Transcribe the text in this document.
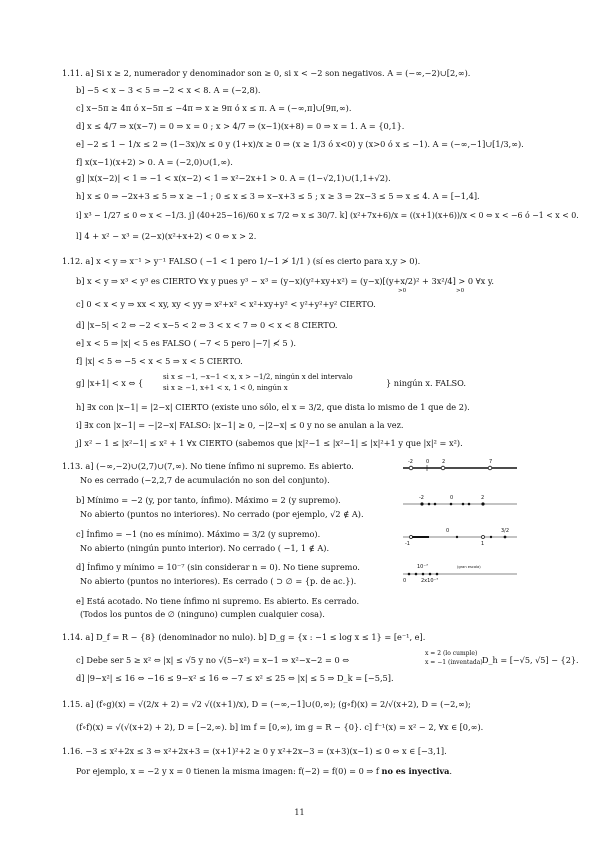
1.11. a] Si x ≥ 2, numerador y denominador son ≥ 0, si x < −2 son negativos. A = (−∞,−2)∪[2,∞).
b] −5 < x − 3 < 5 ⇒ −2 < x < 8. A = (−2,8).
c] x−5π ≥ 4π ó x−5π ≤ −4π ⇒ x ≥ 9π ó x ≤ π. A = (−∞,π]∪[9π,∞).
d] x ≤ 4/7 ⇒ x(x−7) = 0 ⇒ x = 0 ; x > 4/7 ⇒ (x−1)(x+8) = 0 ⇒ x = 1. A = {0,1}.
e] −2 ≤ 1 − 1/x ≤ 2 ⇒ (1−3x)/x ≤ 0 y (1+x)/x ≥ 0 ⇒ (x ≥ 1/3 ó x<0) y (x>0 ó x ≤ −1). A = (−∞,−1]∪[1/3,∞).
f] x(x−1)(x+2) > 0. A = (−2,0)∪(1,∞).
g] |x(x−2)| < 1 ⇒ −1 < x(x−2) < 1 ⇒ x²−2x+1 > 0. A = (1−√2,1)∪(1,1+√2).
h] x ≤ 0 ⇒ −2x+3 ≤ 5 ⇒ x ≥ −1 ; 0 ≤ x ≤ 3 ⇒ x−x+3 ≤ 5 ; x ≥ 3 ⇒ 2x−3 ≤ 5 ⇒ x ≤ 4. A = [−1,4].
i] x³ − 1/27 ≤ 0 ⇔ x < −1/3. j] (40+25−16)/60 x ≤ 7/2 ⇔ x ≤ 30/7. k] (x²+7x+6)/x = ((x+1)(x+6))/x < 0 ⇔ x < −6 ó −1 < x < 0.
l] 4 + x² − x³ = (2−x)(x²+x+2) < 0 ⇔ x > 2.
1.12. a] x < y ⇒ x⁻¹ > y⁻¹ FALSO ( −1 < 1 pero 1/−1 ≯ 1/1 ) (sí es cierto para x,y > 0).
b] x < y ⇒ x³ < y³ es CIERTO ∀x y pues y³ − x³ = (y−x)(y²+xy+x²) = (y−x)[(y+x/2)² + 3x²/4] > 0 ∀x y.
>0	>0
c] 0 < x < y ⇒ xx < xy, xy < yy ⇒ x²+x² < x²+xy+y² < y²+y²+y² CIERTO.
d] |x−5| < 2 ⇔ −2 < x−5 < 2 ⇔ 3 < x < 7 ⇒ 0 < x < 8 CIERTO.
e] x < 5 ⇒ |x| < 5 es FALSO ( −7 < 5 pero |−7| ≮ 5 ).
f] |x| < 5 ⇔ −5 < x < 5 ⇒ x < 5 CIERTO.
g] |x+1| < x ⇔ {
si x ≤ −1, −x−1 < x, x > −1/2, ningún x del intervalo
si x ≥ −1, x+1 < x, 1 < 0, ningún x	} ningún x. FALSO.
h] ∃x con |x−1| = |2−x| CIERTO (existe uno sólo, el x = 3/2, que dista lo mismo de 1 que de 2).
i] ∃x con |x−1| = −|2−x| FALSO: |x−1| ≥ 0, −|2−x| ≤ 0 y no se anulan a la vez.
j] x² − 1 ≤ |x²−1| ≤ x² + 1 ∀x CIERTO (sabemos que |x|²−1 ≤ |x²−1| ≤ |x|²+1 y que |x|² = x²).
1.13. a] (−∞,−2)∪(2,7)∪(7,∞). No tiene ínfimo ni supremo. Es abierto.
No es cerrado (−2,2,7 de acumulación no son del conjunto).
b] Mínimo = −2 (y, por tanto, ínfimo). Máximo = 2 (y supremo).
No abierto (puntos no interiores). No cerrado (por ejemplo, √2 ∉ A).
c] Ínfimo = −1 (no es mínimo). Máximo = 3/2 (y supremo).
No abierto (ningún punto interior). No cerrado ( −1, 1 ∉ A).
d] Ínfimo y mínimo = 10⁻⁷ (sin considerar n = 0). No tiene supremo.
No abierto (puntos no interiores). Es cerrado ( ⊃ ∅ = {p. de ac.}).
e] Está acotado. No tiene ínfimo ni supremo. Es abierto. Es cerrado.
(Todos los puntos de ∅ (ninguno) cumplen cualquier cosa).
-2	0	2	7
-2	0	2
0	3/2
-1	1
10⁻⁷	(gran escala)
0	2x10⁻⁷
1.14. a] D_f = R − {8} (denominador no nulo). b] D_g = {x : −1 ≤ log x ≤ 1} = [e⁻¹, e].
c] Debe ser 5 ≥ x² ⇔ |x| ≤ √5 y no √(5−x²) = x−1 ⇒ x²−x−2 = 0 ⇔
x = 2 (lo cumple)
x = −1 (inventada) D_h = [−√5, √5] − {2}.
d] |9−x²| ≤ 16 ⇔ −16 ≤ 9−x² ≤ 16 ⇔ −7 ≤ x² ≤ 25 ⇔ |x| ≤ 5 ⇒ D_k = [−5,5].
1.15. a] (f∘g)(x) = √(2/x + 2) = √2 √((x+1)/x), D = (−∞,−1]∪(0,∞); (g∘f)(x) = 2/√(x+2), D = (−2,∞);
(f∘f)(x) = √(√(x+2) + 2), D = [−2,∞). b] im f = [0,∞), im g = R − {0}. c] f⁻¹(x) = x² − 2, ∀x ∈ [0,∞).
1.16. −3 ≤ x²+2x ≤ 3 ⇔ x²+2x+3 = (x+1)²+2 ≥ 0 y x²+2x−3 = (x+3)(x−1) ≤ 0 ⇔ x ∈ [−3,1].
Por ejemplo, x = −2 y x = 0 tienen la misma imagen: f(−2) = f(0) = 0 ⇒ f no es inyectiva.
11
